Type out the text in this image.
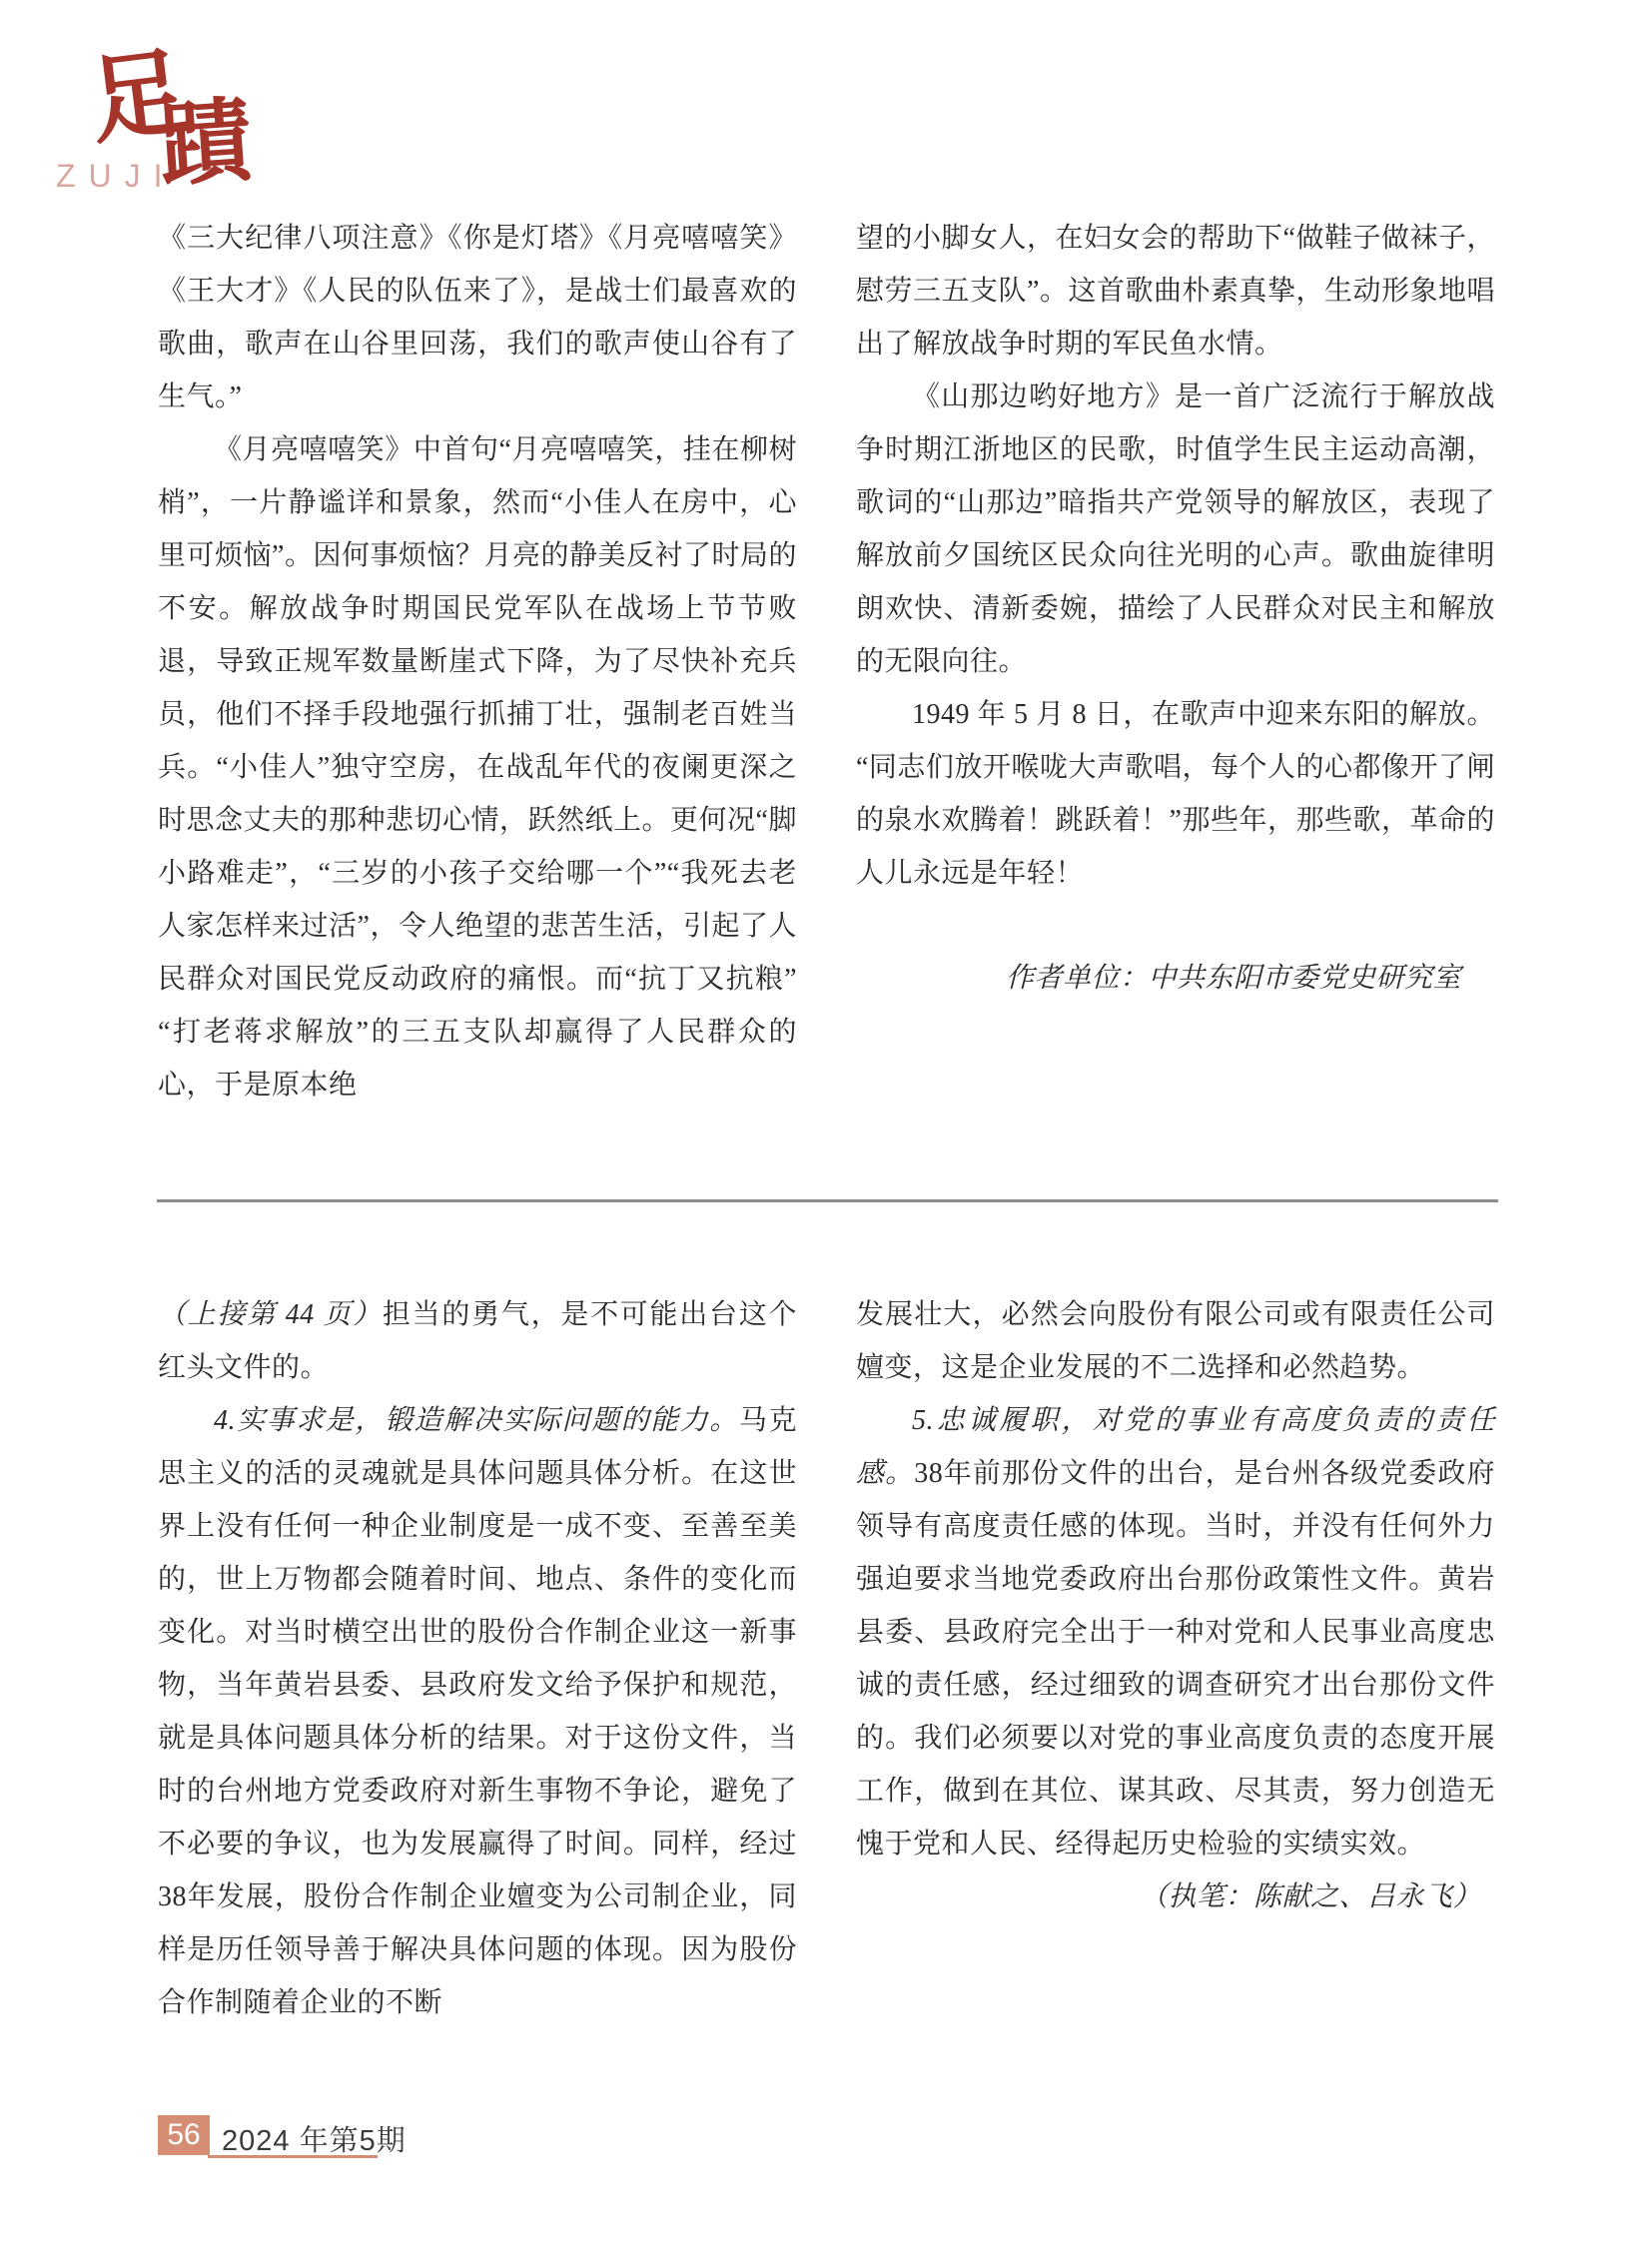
足
蹟
ZUJI

《三大纪律八项注意》《你是灯塔》《月亮嘻嘻笑》《王大才》《人民的队伍来了》，是战士们最喜欢的歌曲，歌声在山谷里回荡，我们的歌声使山谷有了生气。”

《月亮嘻嘻笑》中首句“月亮嘻嘻笑，挂在柳树梢”，一片静谧详和景象，然而“小佳人在房中，心里可烦恼”。因何事烦恼？月亮的静美反衬了时局的不安。解放战争时期国民党军队在战场上节节败退，导致正规军数量断崖式下降，为了尽快补充兵员，他们不择手段地强行抓捕丁壮，强制老百姓当兵。“小佳人”独守空房，在战乱年代的夜阑更深之时思念丈夫的那种悲切心情，跃然纸上。更何况“脚小路难走”，“三岁的小孩子交给哪一个”“我死去老人家怎样来过活”，令人绝望的悲苦生活，引起了人民群众对国民党反动政府的痛恨。而“抗丁又抗粮”“打老蒋求解放”的三五支队却赢得了人民群众的心，于是原本绝

望的小脚女人，在妇女会的帮助下“做鞋子做袜子，慰劳三五支队”。这首歌曲朴素真挚，生动形象地唱出了解放战争时期的军民鱼水情。

《山那边哟好地方》是一首广泛流行于解放战争时期江浙地区的民歌，时值学生民主运动高潮，歌词的“山那边”暗指共产党领导的解放区，表现了解放前夕国统区民众向往光明的心声。歌曲旋律明朗欢快、清新委婉，描绘了人民群众对民主和解放的无限向往。

1949 年 5 月 8 日，在歌声中迎来东阳的解放。“同志们放开喉咙大声歌唱，每个人的心都像开了闸的泉水欢腾着！跳跃着！”那些年，那些歌，革命的人儿永远是年轻！

作者单位：中共东阳市委党史研究室

（上接第 44 页）担当的勇气，是不可能出台这个红头文件的。

4.实事求是，锻造解决实际问题的能力。马克思主义的活的灵魂就是具体问题具体分析。在这世界上没有任何一种企业制度是一成不变、至善至美的，世上万物都会随着时间、地点、条件的变化而变化。对当时横空出世的股份合作制企业这一新事物，当年黄岩县委、县政府发文给予保护和规范，就是具体问题具体分析的结果。对于这份文件，当时的台州地方党委政府对新生事物不争论，避免了不必要的争议，也为发展赢得了时间。同样，经过38年发展，股份合作制企业嬗变为公司制企业，同样是历任领导善于解决具体问题的体现。因为股份合作制随着企业的不断

发展壮大，必然会向股份有限公司或有限责任公司嬗变，这是企业发展的不二选择和必然趋势。

5.忠诚履职，对党的事业有高度负责的责任感。38年前那份文件的出台，是台州各级党委政府领导有高度责任感的体现。当时，并没有任何外力强迫要求当地党委政府出台那份政策性文件。黄岩县委、县政府完全出于一种对党和人民事业高度忠诚的责任感，经过细致的调查研究才出台那份文件的。我们必须要以对党的事业高度负责的态度开展工作，做到在其位、谋其政、尽其责，努力创造无愧于党和人民、经得起历史检验的实绩实效。

（执笔：陈献之、吕永飞）

56 2024 年第5期
